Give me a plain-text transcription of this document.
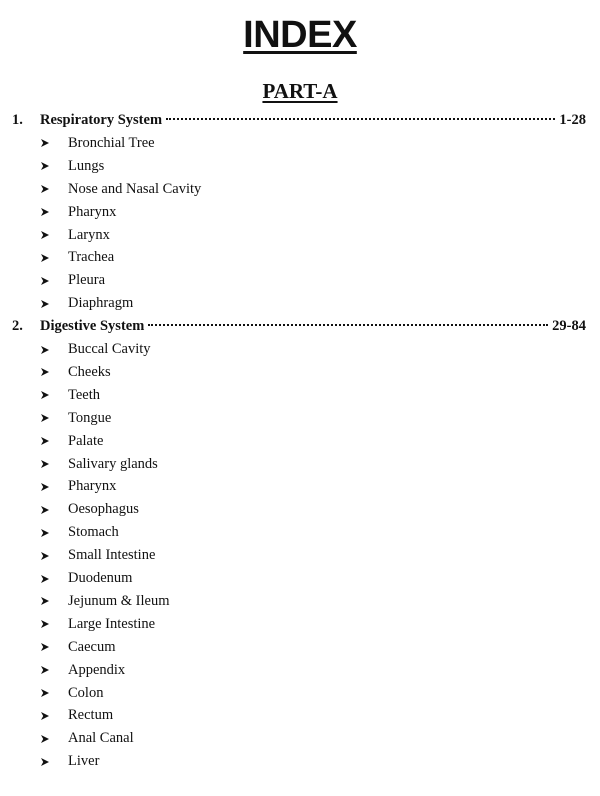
INDEX
PART-A
1.	Respiratory System	1-28
Bronchial Tree
Lungs
Nose and Nasal Cavity
Pharynx
Larynx
Trachea
Pleura
Diaphragm
2.	Digestive System	29-84
Buccal Cavity
Cheeks
Teeth
Tongue
Palate
Salivary glands
Pharynx
Oesophagus
Stomach
Small Intestine
Duodenum
Jejunum & Ileum
Large Intestine
Caecum
Appendix
Colon
Rectum
Anal Canal
Liver
